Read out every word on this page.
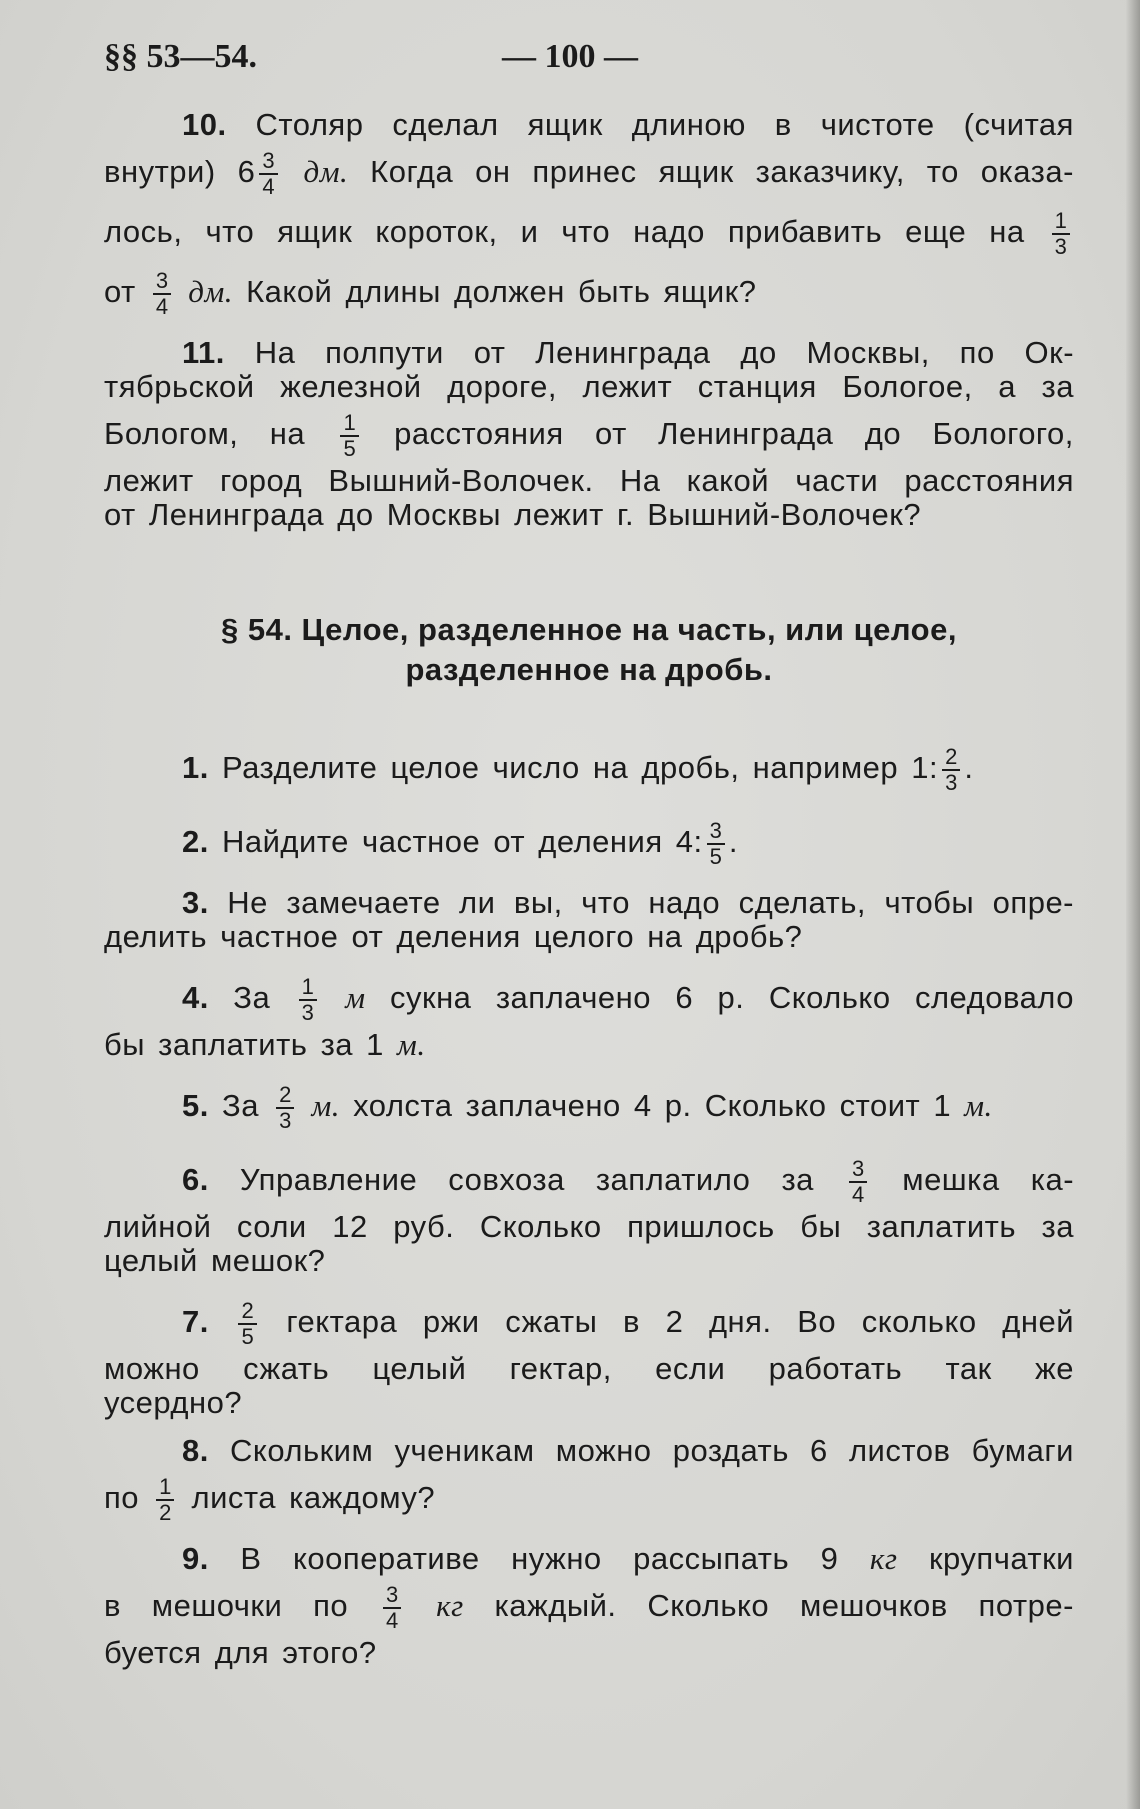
§§ 53—54.	— 100 —
10. Столяр сделал ящик длиною в чистоте (считая
внутри) $6 \frac{3}{4}$ дм. Когда он принес ящик заказчику, то оказа-
лось, что ящик короток, и что надо прибавить еще на $\frac{1}{3}$
от $\frac{3}{4}$ дм. Какой длины должен быть ящик?
11. На полпути от Ленинграда до Москвы, по Ок-
тябрьской железной дороге, лежит станция Бологое, а за
Бологом, на $\frac{1}{5}$ расстояния от Ленинграда до Бологого,
лежит город Вышний-Волочек. На какой части расстояния
от Ленинграда до Москвы лежит г. Вышний-Волочек?
§ 54. Целое, разделенное на часть, или целое,
разделенное на дробь.
1. Разделите целое число на дробь, например 1: $\frac{2}{3}$ .
2. Найдите частное от деления 4: $\frac{3}{5}$ .
3. Не замечаете ли вы, что надо сделать, чтобы опре-
делить частное от деления целого на дробь?
4. За $\frac{1}{3}$ м сукна заплачено 6 р. Сколько следовало
бы заплатить за 1 м.
5. За $\frac{2}{3} м$. холста заплачено 4 р. Сколько стоит 1 м.
6. Управление совхоза заплатило за $\frac{3}{4}$ мешка ка-
лийной соли 12 руб. Сколько пришлось бы заплатить за
целый мешок?
7. $\frac{2}{5}$ гектара ржи сжаты в 2 дня. Во сколько дней
можно сжать целый гектар, если работать так же
усердно?
8. Скольким ученикам можно роздать 6 листов бумаги
по $\frac{1}{2}$ листа каждому?
9. В кооперативе нужно рассыпать 9 кг крупчатки
в мешочки по $\frac{3}{4}$ кг каждый. Сколько мешочков потре-
буется для этого?
